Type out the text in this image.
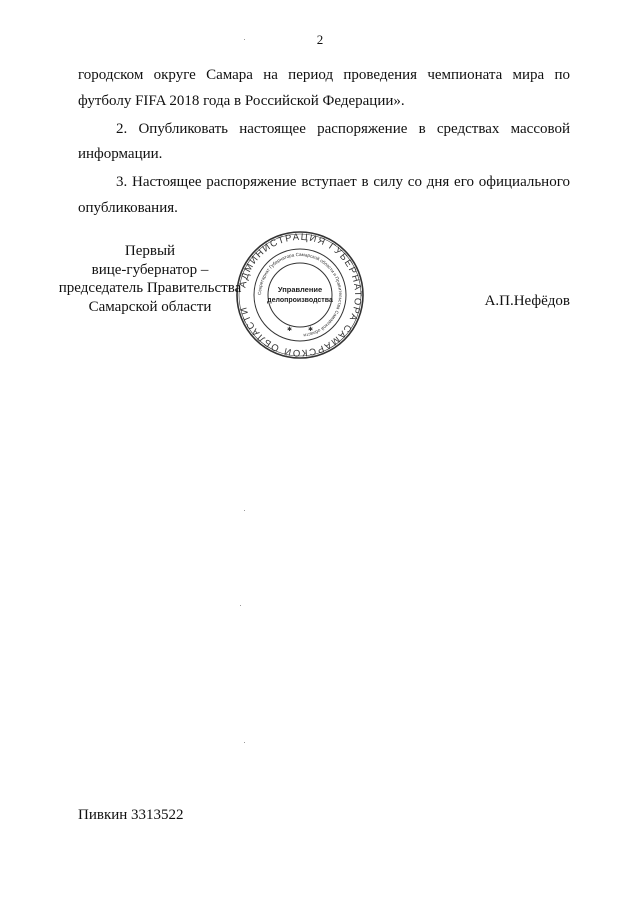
2
городском округе Самара на период проведения чемпионата мира по
футболу FIFA 2018 года в Российской Федерации».
2. Опубликовать настоящее распоряжение в средствах массовой
информации.
3. Настоящее распоряжение вступает в силу со дня его официального
опубликования.
АДМИНИСТРАЦИЯ ГУБЕРНАТОРА САМАРСКОЙ ОБЛАСТИ
Секретариат Губернатора Самарской области и Правительства Самарской области
Управление
делопроизводства
✱	✱
Первый
вице-губернатор –
председатель Правительства
Самарской области	А.П.Нефёдов
Пивкин 3313522
